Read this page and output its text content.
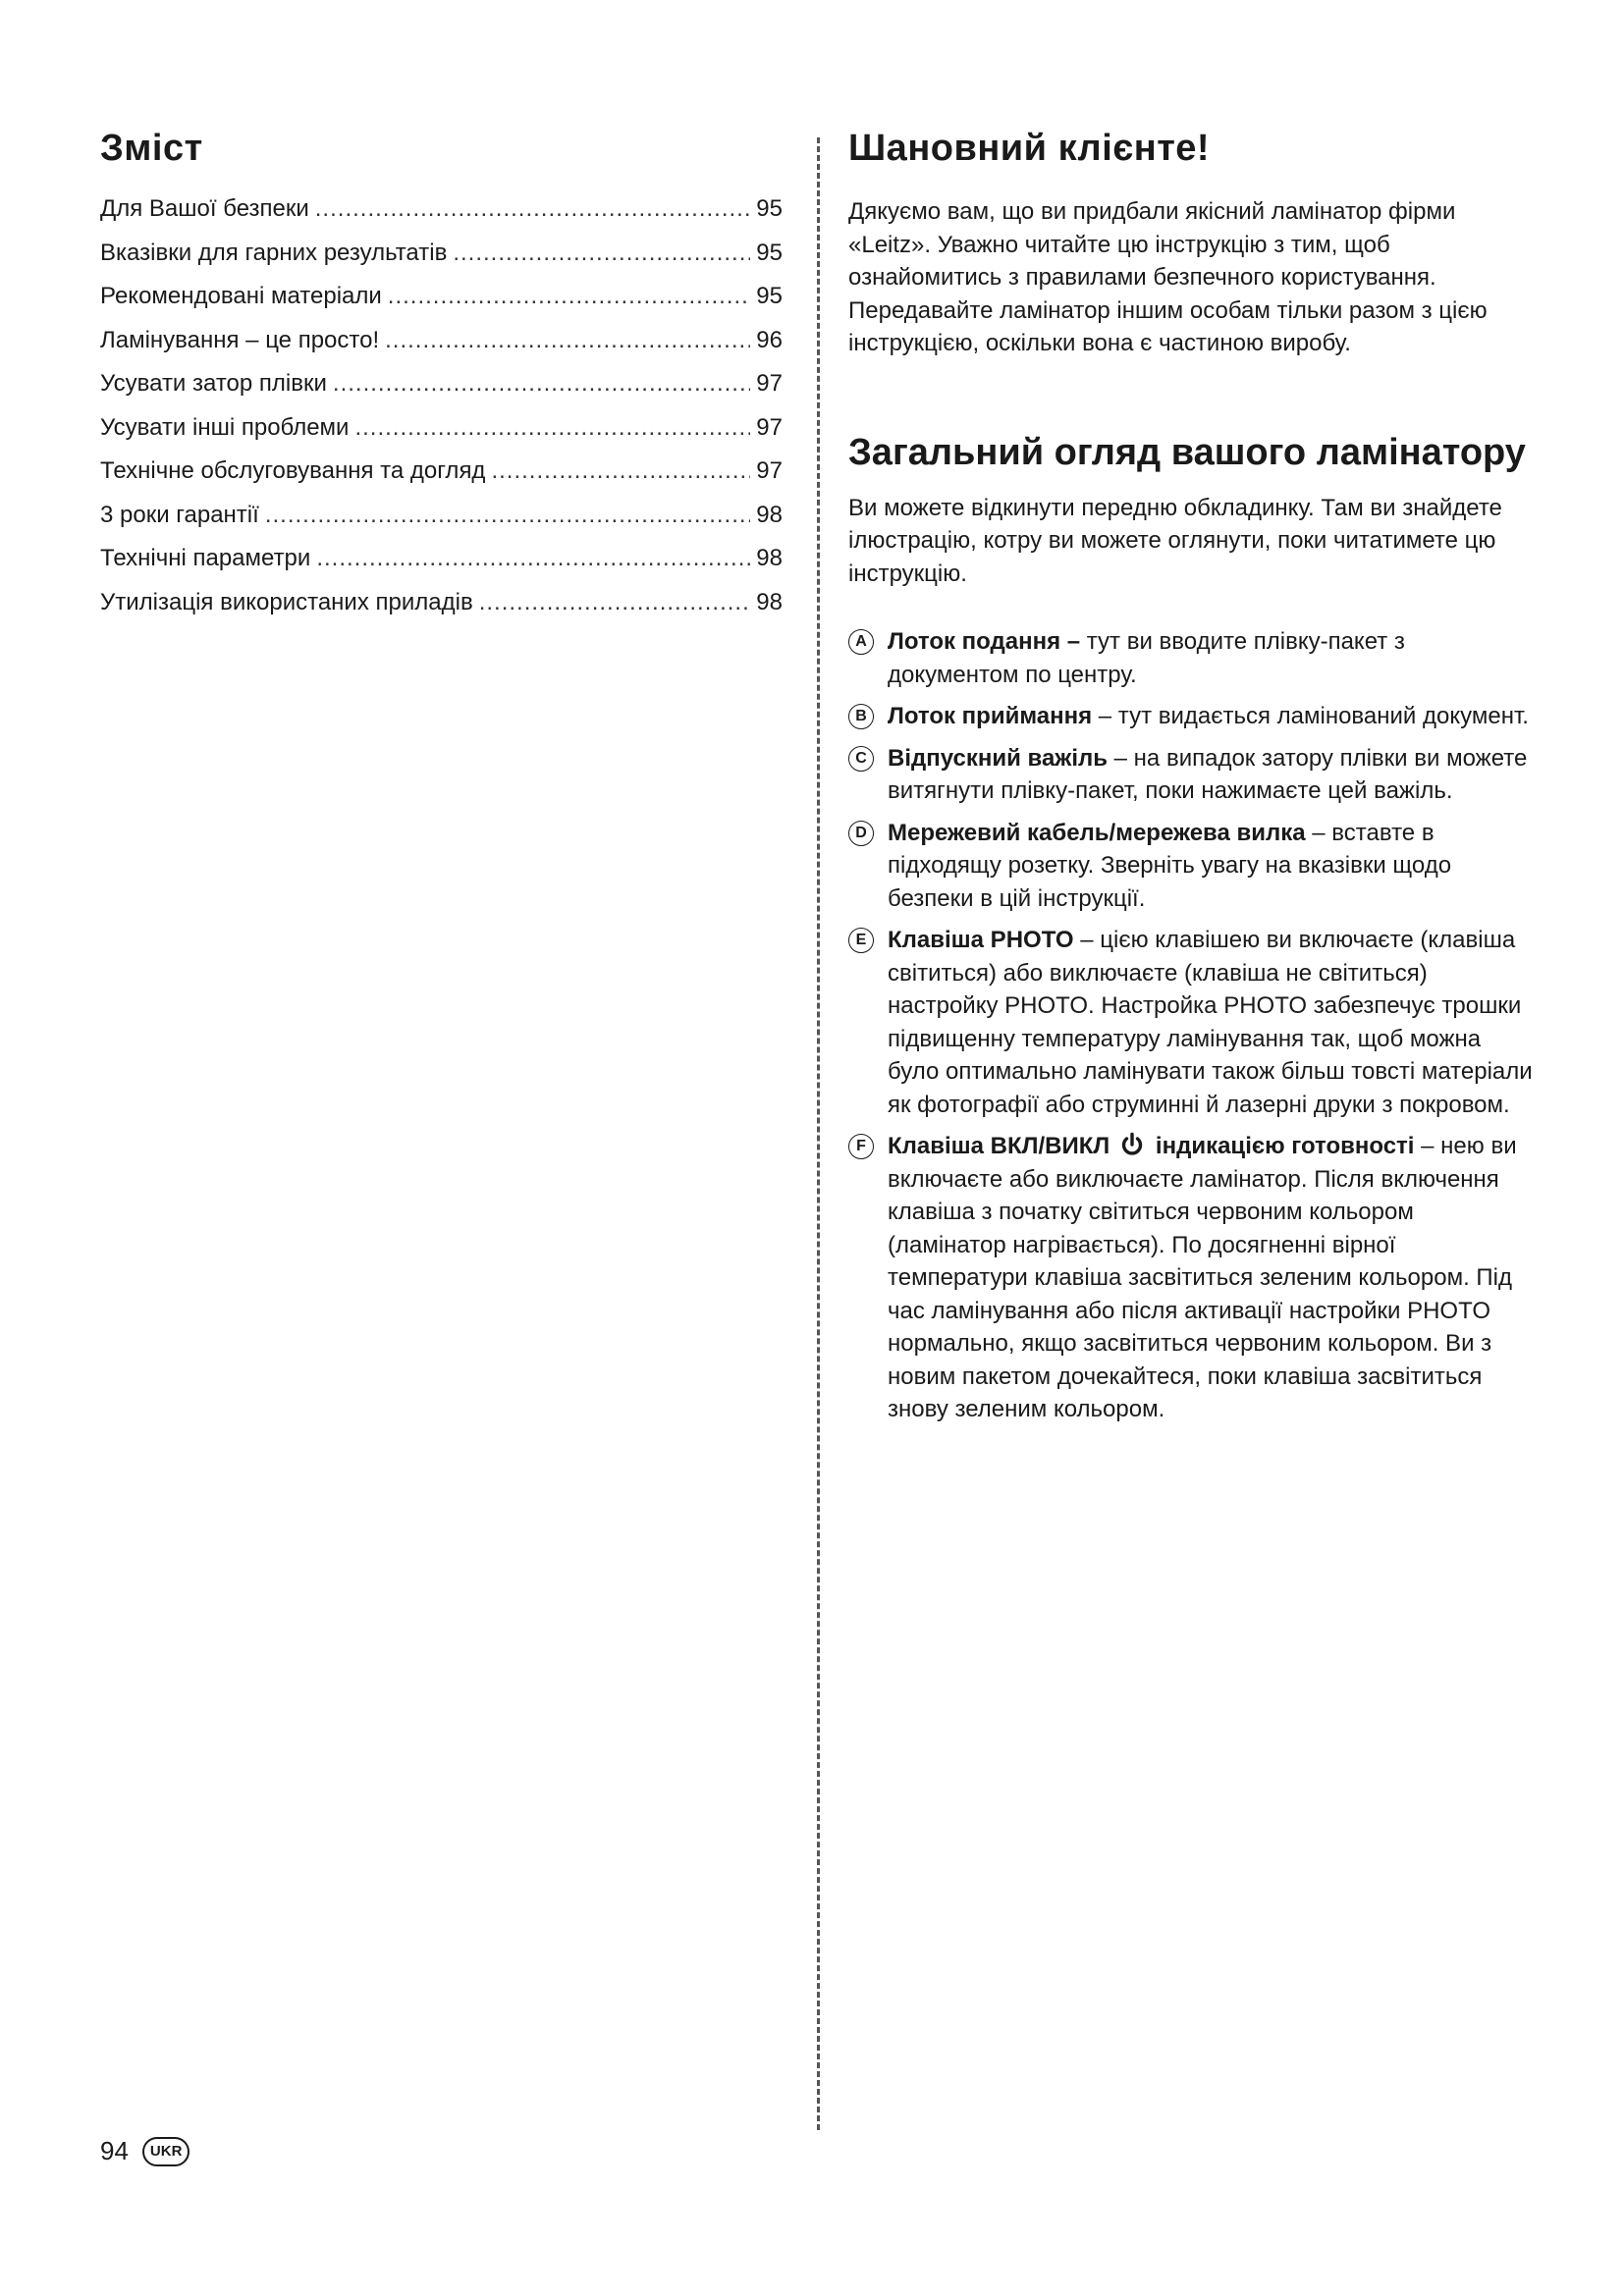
Зміст
Для Вашої безпеки .....	95
Вказівки для гарних результатів .....	95
Рекомендовані матеріали .....	95
Ламінування – це просто! .....	96
Усувати затор плівки .....	97
Усувати інші проблеми .....	97
Технічне обслуговування та догляд .....	97
3 роки гарантії .....	98
Технічні параметри .....	98
Утилізація використаних приладів .....	98
Шановний клієнте!

Дякуємо вам, що ви придбали якісний ламінатор фірми «Leitz». Уважно читайте цю інструкцію з тим, щоб ознайомитись з правилами безпечного користування. Передавайте ламінатор іншим особам тільки разом з цією інструкцією, оскільки вона є частиною виробу.

Загальний огляд вашого ламінатору

Ви можете відкинути передню обкладинку. Там ви знайдете ілюстрацію, котру ви можете оглянути, поки читатимете цю інструкцію.

A Лоток подання – тут ви вводите плівку-пакет з документом по центру.
B Лоток приймання – тут видається ламінований документ.
C Відпускний важіль – на випадок затору плівки ви можете витягнути плівку-пакет, поки нажимаєте цей важіль.
D Мережевий кабель/мережева вилка – вставте в підходящу розетку. Зверніть увагу на вказівки щодо безпеки в цій інструкції.
E Клавіша PHOTO – цією клавішею ви включаєте (клавіша світиться) або виключаєте (клавіша не світиться) настройку PHOTO. Настройка PHOTO забезпечує трошки підвищенну температуру ламінування так, щоб можна було оптимально ламінувати також більш товсті матеріали як фотографії або струминні й лазерні друки з покровом.
F Клавіша ВКЛ/ВИКЛ індикацією готовності – нею ви включаєте або виключаєте ламінатор. Після включення клавіша з початку світиться червоним кольором (ламінатор нагрівається). По досягненні вірної температури клавіша засвітиться зеленим кольором. Під час ламінування або після активації настройки PHOTO нормально, якщо засвітиться червоним кольором. Ви з новим пакетом дочекайтеся, поки клавіша засвітиться знову зеленим кольором.
94	UKR
